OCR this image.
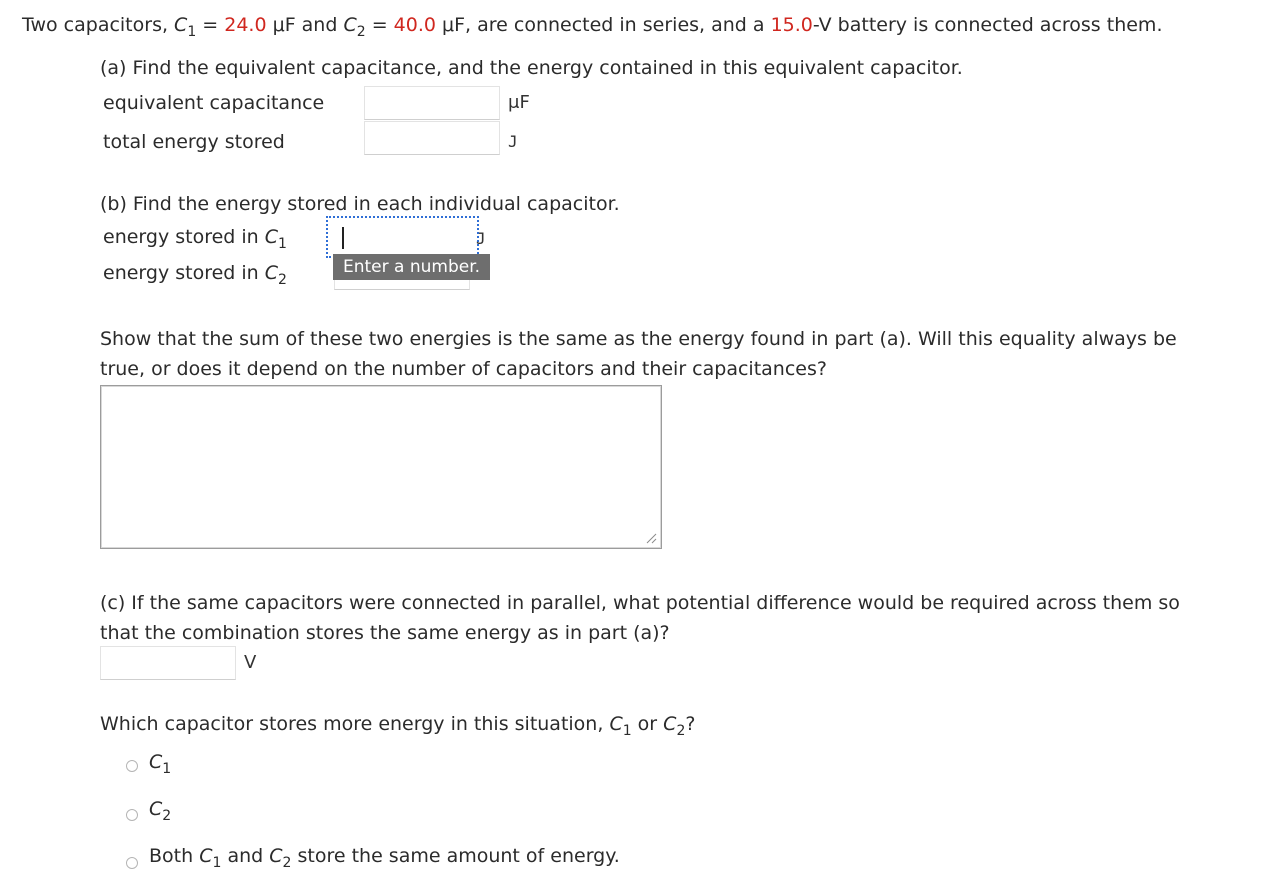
Two capacitors, $C_1 = 24.0$ μF and $C_2 = 40.0$ μF, are connected in series, and a 15.0-V battery is connected across them.
(a) Find the equivalent capacitance, and the energy contained in this equivalent capacitor.
equivalent capacitance	μF
total energy stored	J
(b) Find the energy stored in each individual capacitor.
energy stored in $C_1$	J
energy stored in $C_2$
Enter a number.
Show that the sum of these two energies is the same as the energy found in part (a). Will this equality always be
true, or does it depend on the number of capacitors and their capacitances?
(c) If the same capacitors were connected in parallel, what potential difference would be required across them so
that the combination stores the same energy as in part (a)?
V
Which capacitor stores more energy in this situation, $C_1$ or $C_2$?
$C_1$
$C_2$
Both $C_1$ and $C_2$ store the same amount of energy.
